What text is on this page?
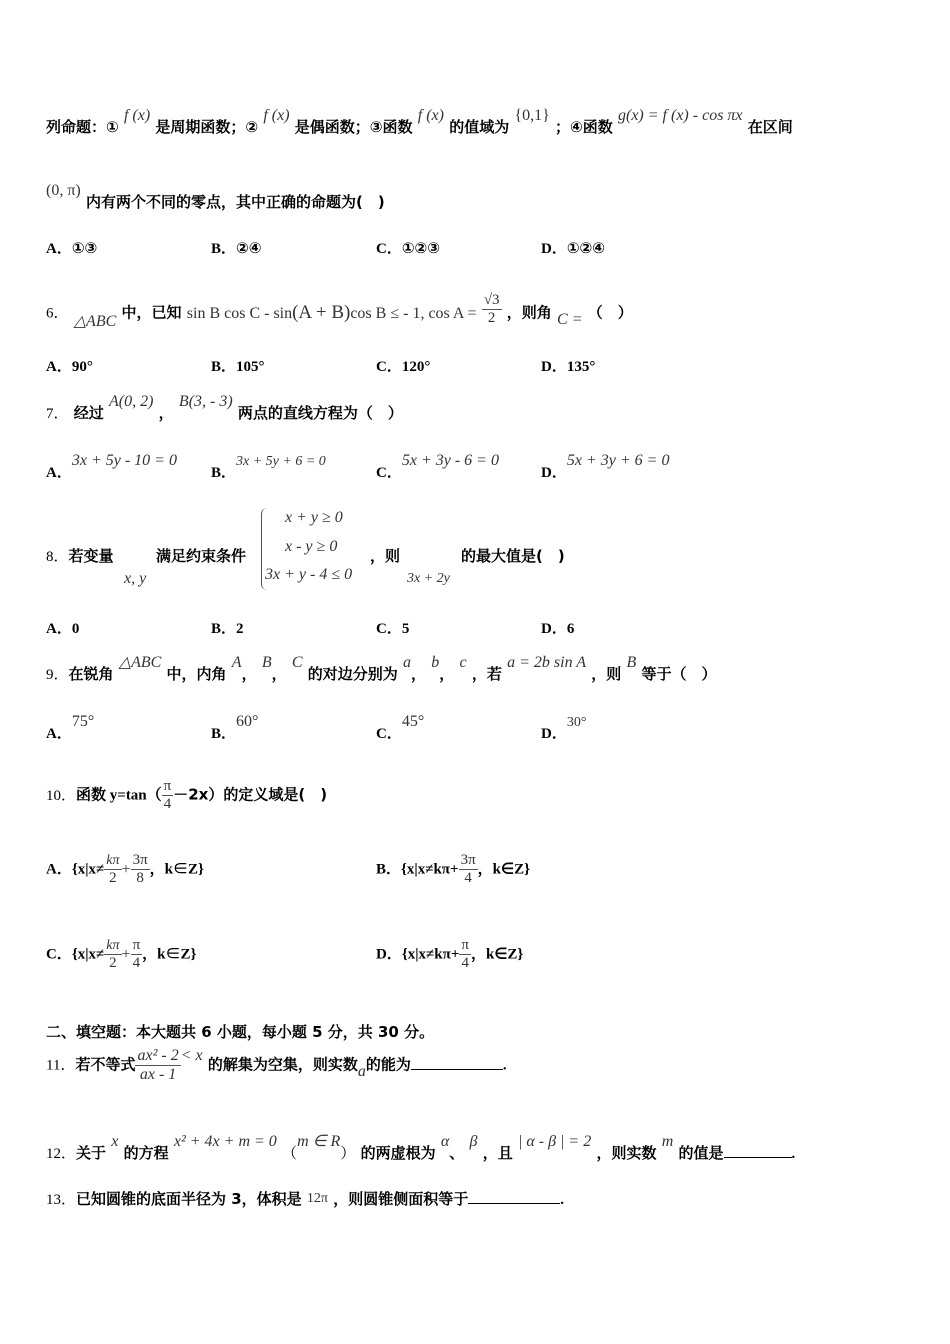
列命题：① f (x) 是周期函数；② f (x) 是偶函数；③函数 f (x) 的值域为 {0,1} ；④函数 g(x) = f (x) - cos πx 在区间
(0, π) 内有两个不同的零点，其中正确的命题为(　)
A．①③	B．②④	C．①②③	D．①②④
6． △ABC 中，已知 sin B cos C - sin(A + B)cos B ≤ - 1, $\cos A = \frac{√3}{2}$ ，则角 C = （　）
A．90°	B．105°	C．120°	D．135°
7． 经过 A(0, 2) ， B(3, - 3) 两点的直线方程为（　）
A．3x + 5y - 10 = 0
B．3x + 5y + 6 = 0
C．5x + 3y - 6 = 0
D．5x + 3y + 6 = 0
8．若变量
x, y
满足约束条件
x + y ≥ 0
x - y ≥ 0
3x + y - 4 ≤ 0
，则
3x + 2y
的最大值是(　)
A．0	B．2	C．5	D．6
9．在锐角 △ABC 中，内角 A， B， C 的对边分别为 a， b， c ，若 a = 2b sin A ，则 B 等于（　）
A．75°
B．60°
C．45°
D．30°
10．函数 $y=\tan( \frac{\pi}{4} -2x)$的定义域是(　)
A．{$x|x\ne \frac{k\pi}{2} + \frac{3\pi}{8}$ ，k∈Z}	B．{$x|x\ne k\pi+ \frac{3\pi}{4}$ ，k∈Z}
C．{$x|x\ne \frac{k\pi}{2} + \frac{\pi}{4}$ ，k∈Z}	D．{$x|x\ne k\pi+ \frac{\pi}{4}$ ，k∈Z}
二、填空题：本大题共 6 小题，每小题 5 分，共 30 分。
11．若不等式 $\frac{\text{ax² - 2}}{ax - 1} < x$ 的解集为空集，则实数a的能为	.
12．关于 x 的方程 x² + 4x + m = 0 （m ∈ R） 的两虚根为 α、 β ，且 | α - β | = 2 ，则实数 m 的值是	.
13．已知圆锥的底面半径为 3，体积是 12π ，则圆锥侧面积等于	.
